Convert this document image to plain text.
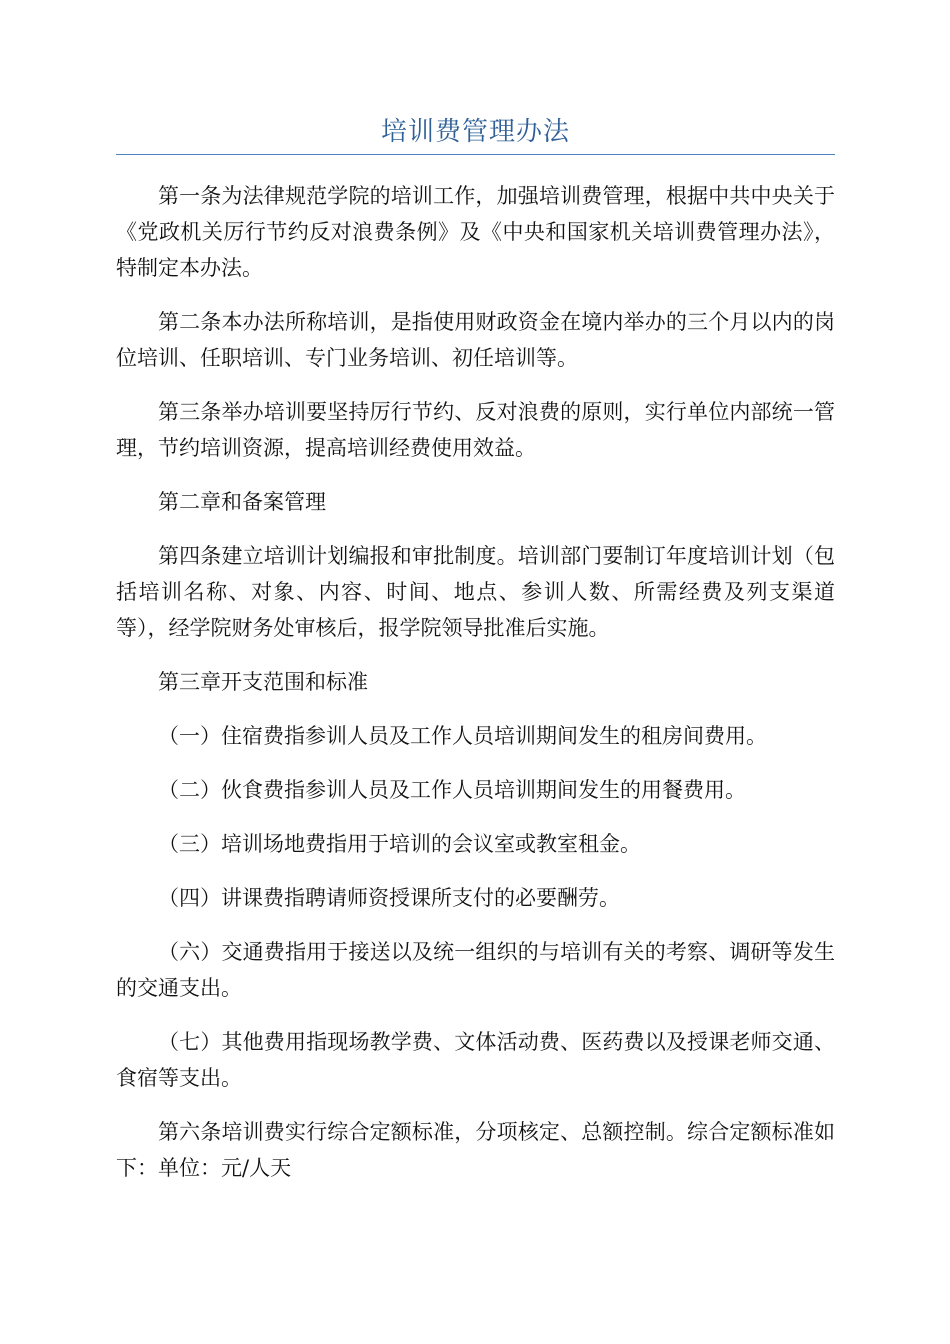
培训费管理办法

第一条为法律规范学院的培训工作，加强培训费管理，根据中共中央关于《党政机关厉行节约反对浪费条例》及《中央和国家机关培训费管理办法》，特制定本办法。

第二条本办法所称培训，是指使用财政资金在境内举办的三个月以内的岗位培训、任职培训、专门业务培训、初任培训等。

第三条举办培训要坚持厉行节约、反对浪费的原则，实行单位内部统一管理，节约培训资源，提高培训经费使用效益。

第二章和备案管理

第四条建立培训计划编报和审批制度。培训部门要制订年度培训计划（包括培训名称、对象、内容、时间、地点、参训人数、所需经费及列支渠道等），经学院财务处审核后，报学院领导批准后实施。

第三章开支范围和标准

（一）住宿费指参训人员及工作人员培训期间发生的租房间费用。

（二）伙食费指参训人员及工作人员培训期间发生的用餐费用。

（三）培训场地费指用于培训的会议室或教室租金。

（四）讲课费指聘请师资授课所支付的必要酬劳。

（六）交通费指用于接送以及统一组织的与培训有关的考察、调研等发生的交通支出。

（七）其他费用指现场教学费、文体活动费、医药费以及授课老师交通、食宿等支出。

第六条培训费实行综合定额标准，分项核定、总额控制。综合定额标准如下：单位：元/人天
